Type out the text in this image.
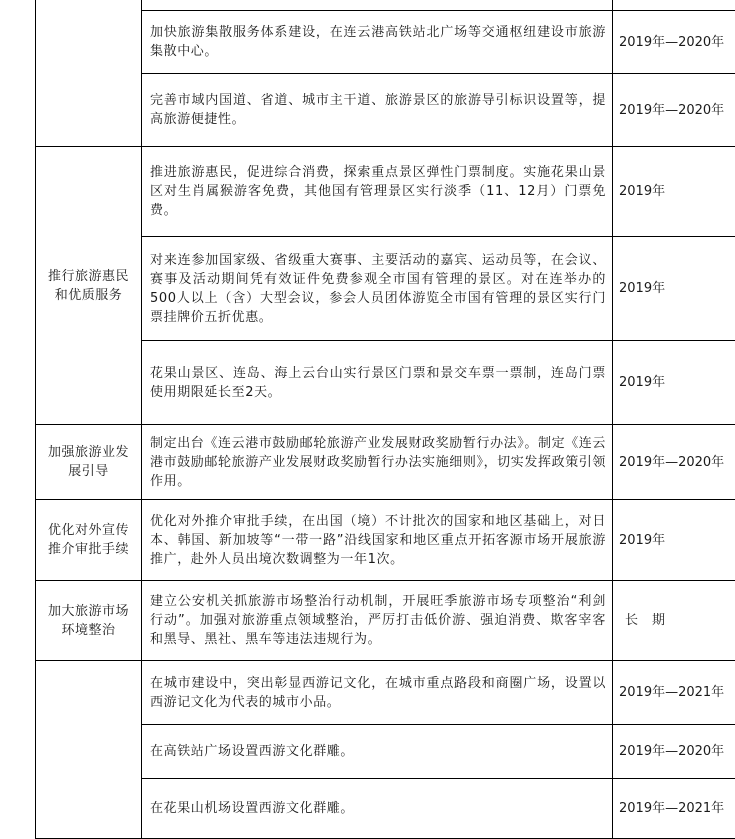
	加快旅游集散服务体系建设，在连云港高铁站北广场等交通枢纽建设市旅游集散中心。	2019年—2020年
	完善市域内国道、省道、城市主干道、旅游景区的旅游导引标识设置等，提高旅游便捷性。	2019年—2020年
推行旅游惠民和优质服务	推进旅游惠民，促进综合消费，探索重点景区弹性门票制度。实施花果山景区对生肖属猴游客免费，其他国有管理景区实行淡季（11、12月）门票免费。	2019年
	对来连参加国家级、省级重大赛事、主要活动的嘉宾、运动员等，在会议、赛事及活动期间凭有效证件免费参观全市国有管理的景区。对在连举办的500人以上（含）大型会议，参会人员团体游览全市国有管理的景区实行门票挂牌价五折优惠。	2019年
	花果山景区、连岛、海上云台山实行景区门票和景交车票一票制，连岛门票使用期限延长至2天。	2019年
加强旅游业发展引导	制定出台《连云港市鼓励邮轮旅游产业发展财政奖励暂行办法》。制定《连云港市鼓励邮轮旅游产业发展财政奖励暂行办法实施细则》，切实发挥政策引领作用。	2019年—2020年
优化对外宣传推介审批手续	优化对外推介审批手续，在出国（境）不计批次的国家和地区基础上，对日本、韩国、新加坡等“一带一路”沿线国家和地区重点开拓客源市场开展旅游推广，赴外人员出境次数调整为一年1次。	2019年
加大旅游市场环境整治	建立公安机关抓旅游市场整治行动机制，开展旺季旅游市场专项整治“利剑行动”。加强对旅游重点领域整治，严厉打击低价游、强迫消费、欺客宰客和黑导、黑社、黑车等违法违规行为。	长期
	在城市建设中，突出彰显西游记文化，在城市重点路段和商圈广场，设置以西游记文化为代表的城市小品。	2019年—2021年
	在高铁站广场设置西游文化群雕。	2019年—2020年
	在花果山机场设置西游文化群雕。	2019年—2021年
